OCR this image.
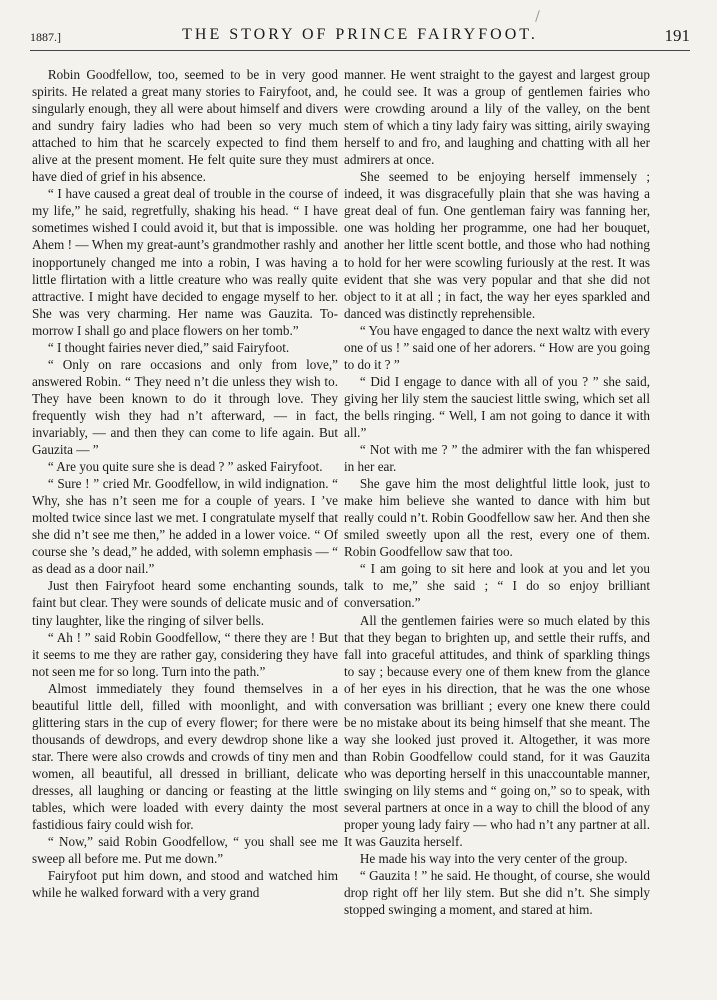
1887.]	THE STORY OF PRINCE FAIRYFOOT.	191

Robin Goodfellow, too, seemed to be in very good spirits. He related a great many stories to Fairyfoot, and, singularly enough, they all were about himself and divers and sundry fairy ladies who had been so very much attached to him that he scarcely expected to find them alive at the present moment. He felt quite sure they must have died of grief in his absence.

“ I have caused a great deal of trouble in the course of my life,” he said, regretfully, shaking his head. “ I have sometimes wished I could avoid it, but that is impossible. Ahem ! — When my great-aunt’s grandmother rashly and inopportunely changed me into a robin, I was having a little flirtation with a little creature who was really quite attractive. I might have decided to engage myself to her. She was very charming. Her name was Gauzita. To-morrow I shall go and place flowers on her tomb.”

“ I thought fairies never died,” said Fairyfoot.

“ Only on rare occasions and only from love,” answered Robin. “ They need n’t die unless they wish to. They have been known to do it through love. They frequently wish they had n’t afterward, — in fact, invariably, — and then they can come to life again. But Gauzita — ”

“ Are you quite sure she is dead ? ” asked Fairyfoot.

“ Sure ! ” cried Mr. Goodfellow, in wild indignation. “ Why, she has n’t seen me for a couple of years. I ’ve molted twice since last we met. I congratulate myself that she did n’t see me then,” he added in a lower voice. “ Of course she ’s dead,” he added, with solemn emphasis — “ as dead as a door nail.”

Just then Fairyfoot heard some enchanting sounds, faint but clear. They were sounds of delicate music and of tiny laughter, like the ringing of silver bells.

“ Ah ! ” said Robin Goodfellow, “ there they are ! But it seems to me they are rather gay, considering they have not seen me for so long. Turn into the path.”

Almost immediately they found themselves in a beautiful little dell, filled with moonlight, and with glittering stars in the cup of every flower; for there were thousands of dewdrops, and every dewdrop shone like a star. There were also crowds and crowds of tiny men and women, all beautiful, all dressed in brilliant, delicate dresses, all laughing or dancing or feasting at the little tables, which were loaded with every dainty the most fastidious fairy could wish for.

“ Now,” said Robin Goodfellow, “ you shall see me sweep all before me. Put me down.”

Fairyfoot put him down, and stood and watched him while he walked forward with a very grand

manner. He went straight to the gayest and largest group he could see. It was a group of gentlemen fairies who were crowding around a lily of the valley, on the bent stem of which a tiny lady fairy was sitting, airily swaying herself to and fro, and laughing and chatting with all her admirers at once.

She seemed to be enjoying herself immensely ; indeed, it was disgracefully plain that she was having a great deal of fun. One gentleman fairy was fanning her, one was holding her programme, one had her bouquet, another her little scent bottle, and those who had nothing to hold for her were scowling furiously at the rest. It was evident that she was very popular and that she did not object to it at all ; in fact, the way her eyes sparkled and danced was distinctly reprehensible.

“ You have engaged to dance the next waltz with every one of us ! ” said one of her adorers. “ How are you going to do it ? ”

“ Did I engage to dance with all of you ? ” she said, giving her lily stem the sauciest little swing, which set all the bells ringing. “ Well, I am not going to dance it with all.”

“ Not with me ? ” the admirer with the fan whispered in her ear.

She gave him the most delightful little look, just to make him believe she wanted to dance with him but really could n’t. Robin Goodfellow saw her. And then she smiled sweetly upon all the rest, every one of them. Robin Goodfellow saw that too.

“ I am going to sit here and look at you and let you talk to me,” she said ; “ I do so enjoy brilliant conversation.”

All the gentlemen fairies were so much elated by this that they began to brighten up, and settle their ruffs, and fall into graceful attitudes, and think of sparkling things to say ; because every one of them knew from the glance of her eyes in his direction, that he was the one whose conversation was brilliant ; every one knew there could be no mistake about its being himself that she meant. The way she looked just proved it. Altogether, it was more than Robin Goodfellow could stand, for it was Gauzita who was deporting herself in this unaccountable manner, swinging on lily stems and “ going on,” so to speak, with several partners at once in a way to chill the blood of any proper young lady fairy — who had n’t any partner at all. It was Gauzita herself.

He made his way into the very center of the group.

“ Gauzita ! ” he said. He thought, of course, she would drop right off her lily stem. But she did n’t. She simply stopped swinging a moment, and stared at him.
